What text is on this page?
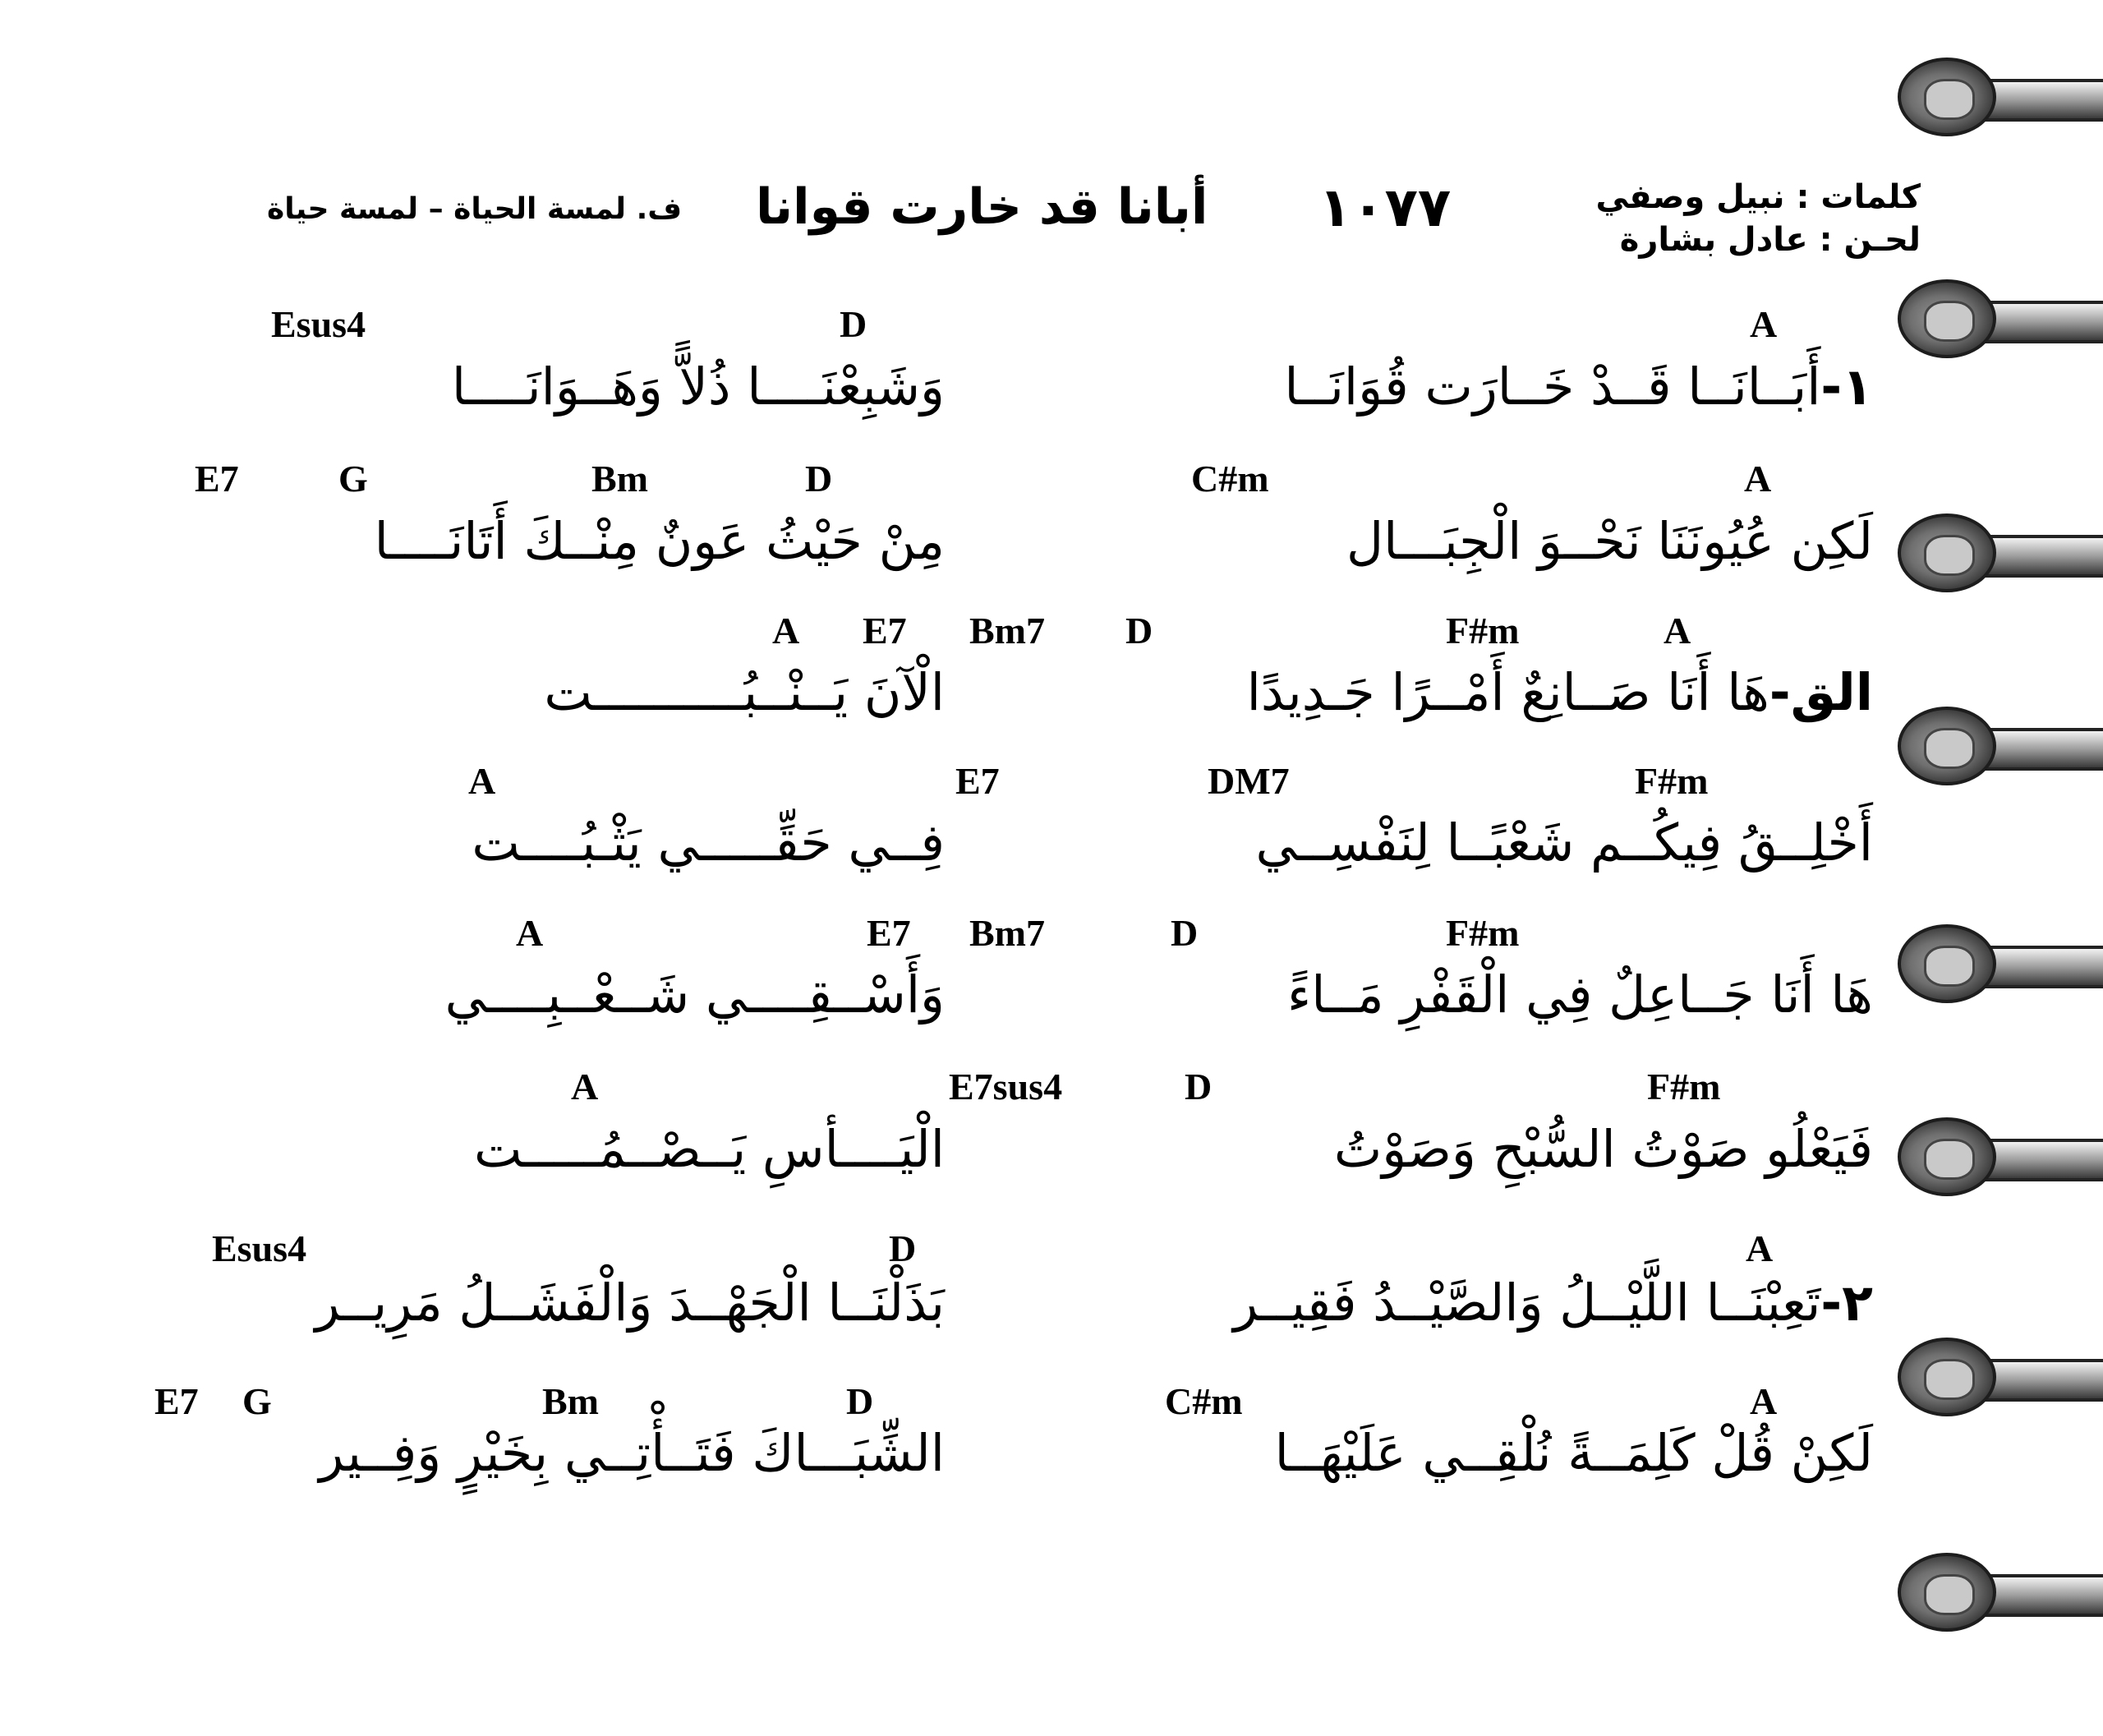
كلمات : نبيل وصفي
لحـن : عادل بشارة
١٠٧٧
أبانا قد خارت قوانا
ف. لمسة الحياة – لمسة حياة
Esus4	D	A
١-أَبَــانَــا قَــدْ خَــارَت قُوَانَــا
وَشَبِعْنَــــا ذُلاًّ وَهَــوَانَــــا
E7	G	Bm	D	C#m	A
لَكِن عُيُونَنَا نَحْــوَ الْجِبَـــال
مِنْ حَيْثُ عَونٌ مِنْــكَ أَتَانَــــا
A E7 Bm7 D	F#m	A
الق-هَا أَنَا صَــانِعٌ أَمْــرًا جَـدِيدًا
الْآنَ يَــنْــبُــــــــــت
A	E7	DM7	F#m
أَخْلِــقُ فِيكُــم شَعْبًــا لِنَفْسِــي
فِــي حَقِّـــــي يَثْـبُــــت
A	E7 Bm7	D	F#m
هَا أَنَا جَــاعِلٌ فِي الْقَفْرِ مَــاءً
وَأَسْــقِــــي شَــعْــبِــــي
A	E7sus4	D	F#m
فَيَعْلُو صَوْتُ السُّبْحِ وَصَوْتُ
الْيَــــأسِ يَــصْــمُـــــت
Esus4	D	A
٢-تَعِبْنَــا اللَّيْــلُ وَالصَّيْــدُ فَقِيــر
بَذَلْنَــا الْجَهْــدَ وَالْفَشَــلُ مَرِيــر
E7 G	Bm	D	C#m	A
لَكِنْ قُلْ كَلِمَــةً نُلْقِــي عَلَيْهَــا
الشِّبَـــاكَ فَتَــأْتِــي بِخَيْرٍ وَفِــير
